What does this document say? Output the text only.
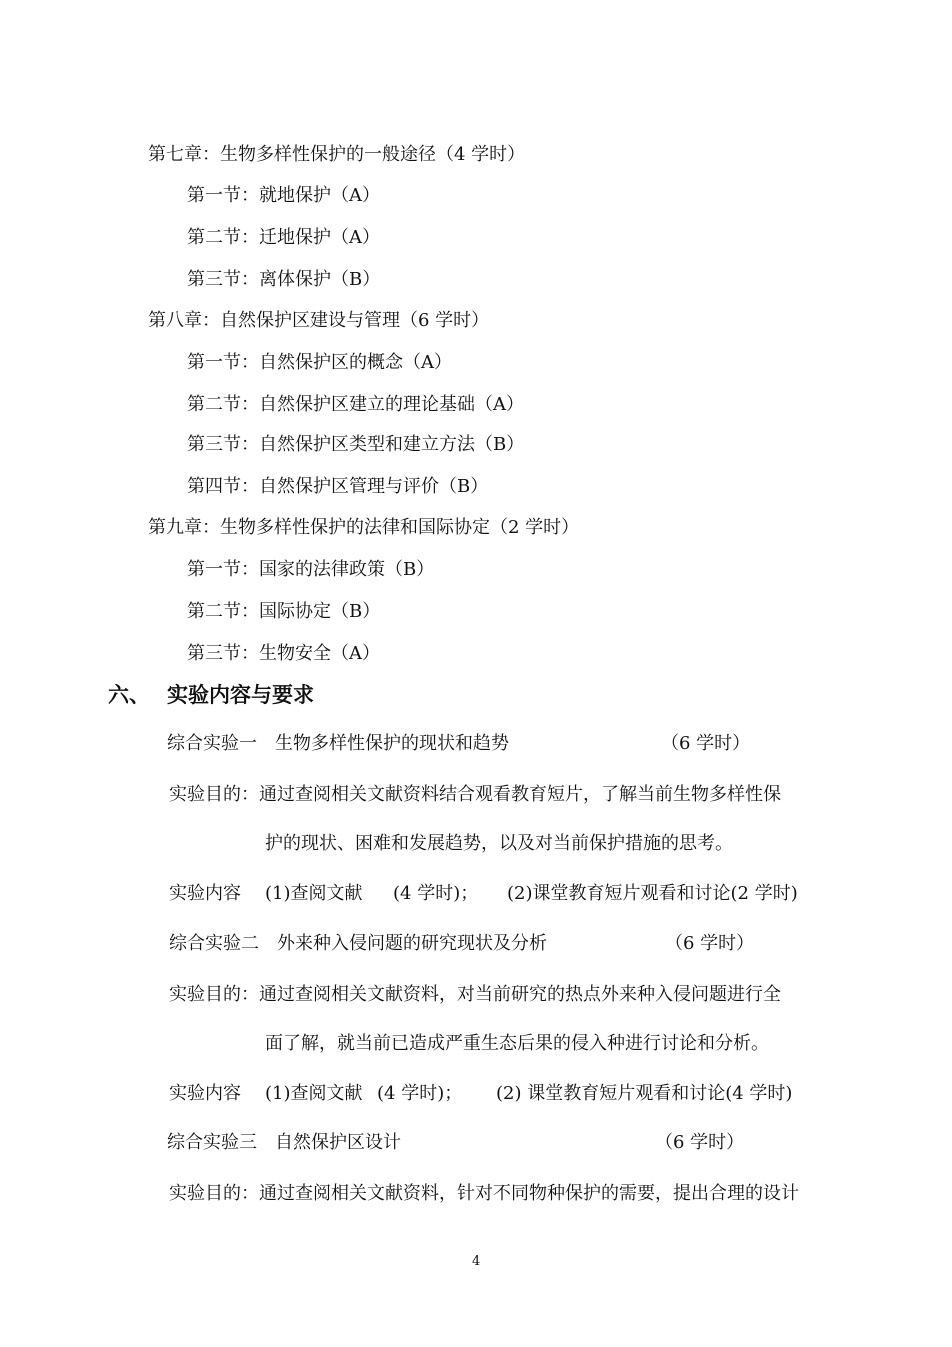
第七章：生物多样性保护的一般途径（4 学时）
第一节：就地保护（A）
第二节：迁地保护（A）
第三节：离体保护（B）
第八章：自然保护区建设与管理（6 学时）
第一节：自然保护区的概念（A）
第二节：自然保护区建立的理论基础（A）
第三节：自然保护区类型和建立方法（B）
第四节：自然保护区管理与评价（B）
第九章：生物多样性保护的法律和国际协定（2 学时）
第一节：国家的法律政策（B）
第二节：国际协定（B）
第三节：生物安全（A）
六、 实验内容与要求
综合实验一　生物多样性保护的现状和趋势	（6 学时）
实验目的：通过查阅相关文献资料结合观看教育短片，了解当前生物多样性保
护的现状、困难和发展趋势，以及对当前保护措施的思考。
实验内容 (1)查阅文献 (4 学时)； (2)课堂教育短片观看和讨论(2 学时)
综合实验二　外来种入侵问题的研究现状及分析	（6 学时）
实验目的：通过查阅相关文献资料，对当前研究的热点外来种入侵问题进行全
面了解，就当前已造成严重生态后果的侵入种进行讨论和分析。
实验内容 (1)查阅文献 (4 学时)； (2) 课堂教育短片观看和讨论(4 学时)
综合实验三　自然保护区设计	（6 学时）
实验目的：通过查阅相关文献资料，针对不同物种保护的需要，提出合理的设计
4
